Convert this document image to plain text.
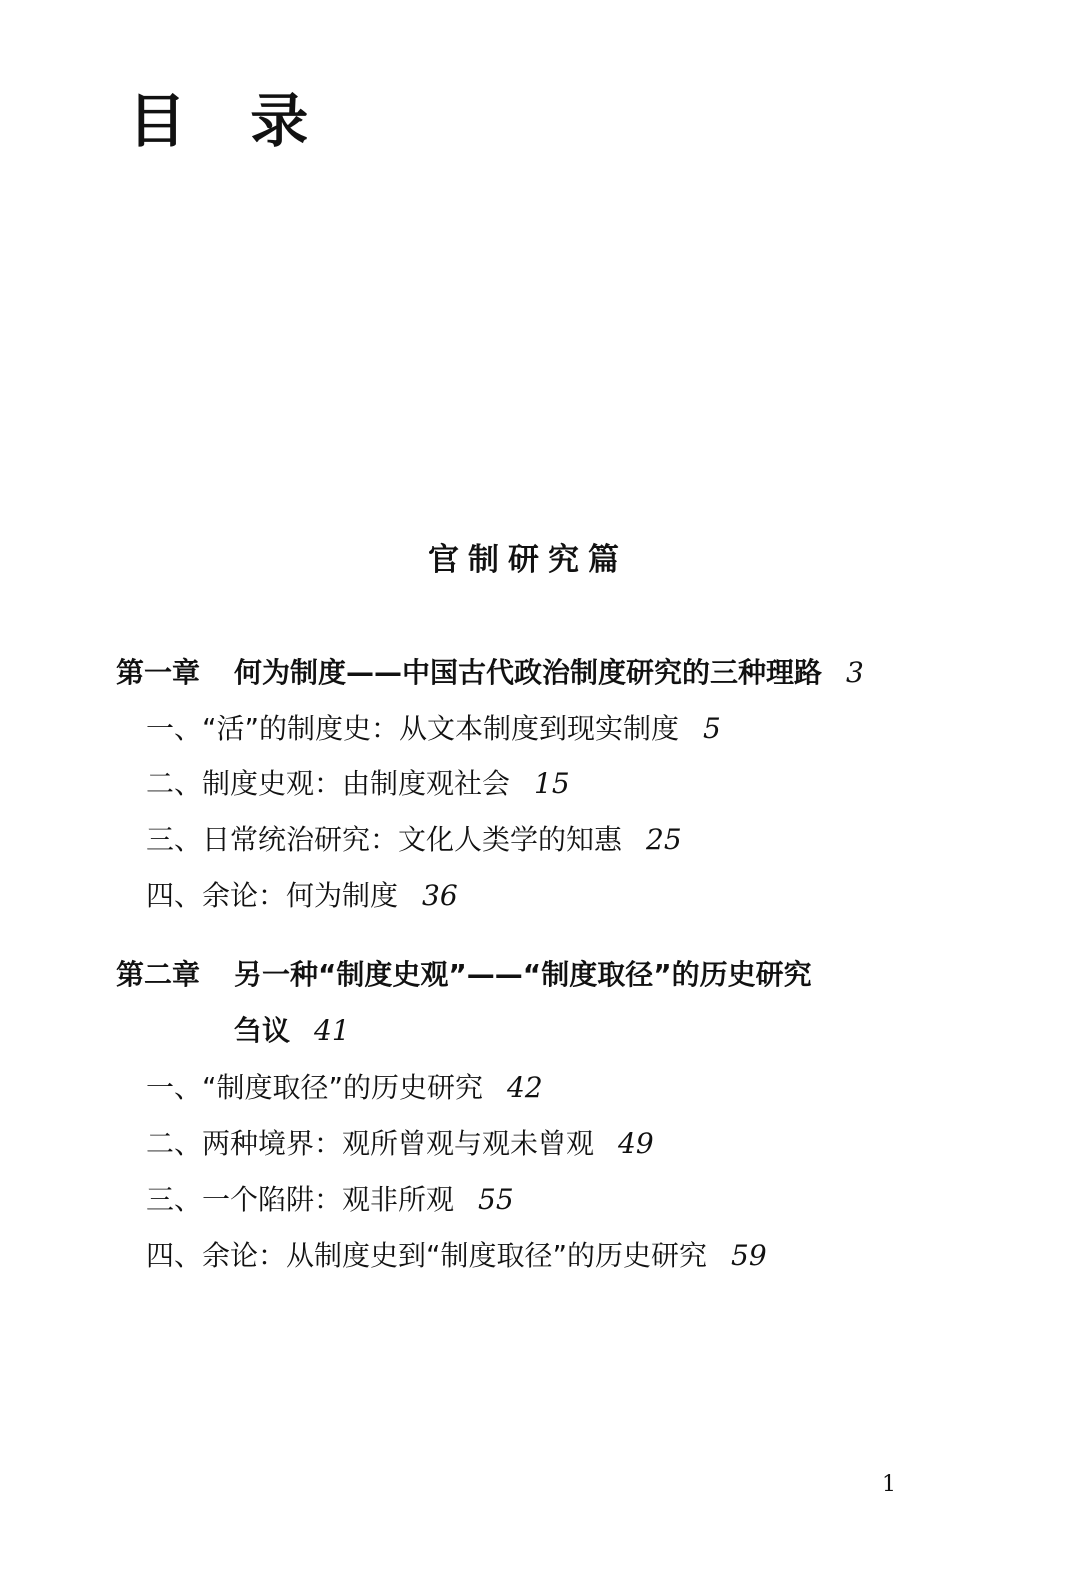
目 录
官制研究篇
第一章 何为制度——中国古代政治制度研究的三种理路 3
一、“活”的制度史：从文本制度到现实制度 5
二、制度史观：由制度观社会 15
三、日常统治研究：文化人类学的知惠 25
四、余论：何为制度 36
第二章 另一种“制度史观”——“制度取径”的历史研究
刍议 41
一、“制度取径”的历史研究 42
二、两种境界：观所曾观与观未曾观 49
三、一个陷阱：观非所观 55
四、余论：从制度史到“制度取径”的历史研究 59
1
